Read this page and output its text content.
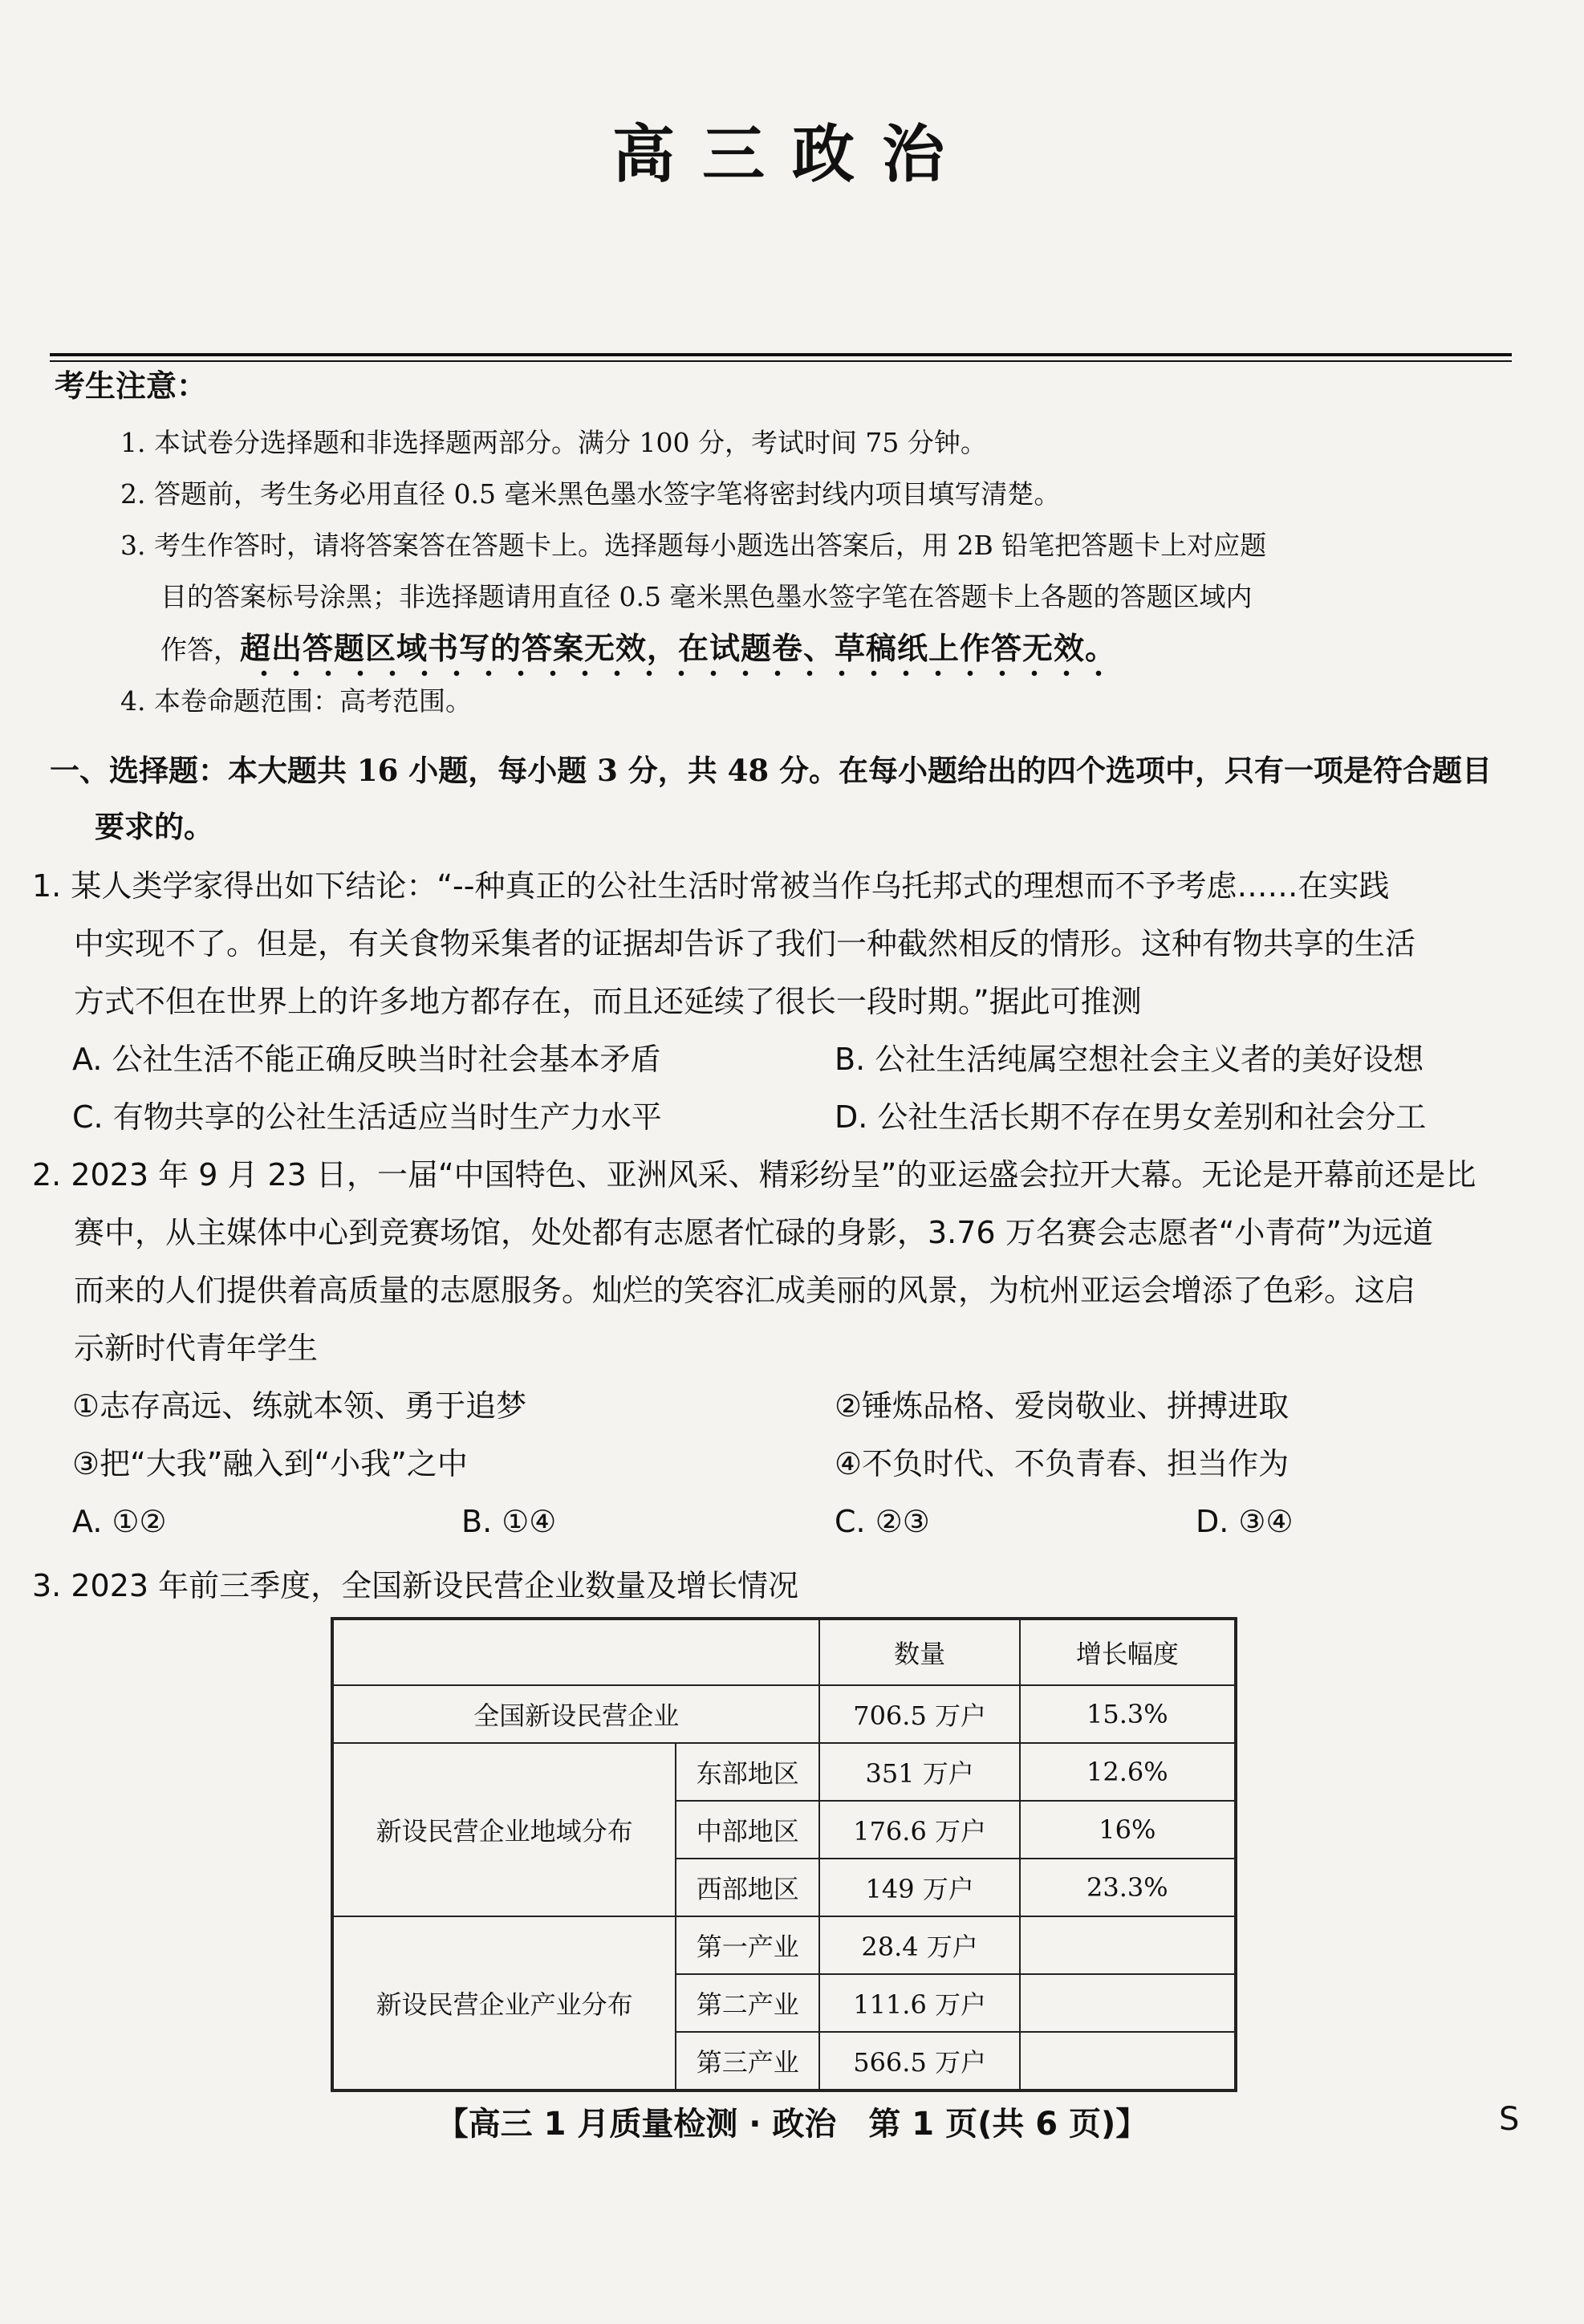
高三政治
考生注意：
1. 本试卷分选择题和非选择题两部分。满分 100 分，考试时间 75 分钟。
2. 答题前，考生务必用直径 0.5 毫米黑色墨水签字笔将密封线内项目填写清楚。
3. 考生作答时，请将答案答在答题卡上。选择题每小题选出答案后，用 2B 铅笔把答题卡上对应题
目的答案标号涂黑；非选择题请用直径 0.5 毫米黑色墨水签字笔在答题卡上各题的答题区域内
作答，超出答题区域书写的答案无效，在试题卷、草稿纸上作答无效。
4. 本卷命题范围：高考范围。
一、选择题：本大题共 16 小题，每小题 3 分，共 48 分。在每小题给出的四个选项中，只有一项是符合题目
要求的。
1. 某人类学家得出如下结论：“--种真正的公社生活时常被当作乌托邦式的理想而不予考虑……在实践
中实现不了。但是，有关食物采集者的证据却告诉了我们一种截然相反的情形。这种有物共享的生活
方式不但在世界上的许多地方都存在，而且还延续了很长一段时期。”据此可推测
A. 公社生活不能正确反映当时社会基本矛盾	B. 公社生活纯属空想社会主义者的美好设想
C. 有物共享的公社生活适应当时生产力水平	D. 公社生活长期不存在男女差别和社会分工
2. 2023 年 9 月 23 日，一届“中国特色、亚洲风采、精彩纷呈”的亚运盛会拉开大幕。无论是开幕前还是比
赛中，从主媒体中心到竞赛场馆，处处都有志愿者忙碌的身影，3.76 万名赛会志愿者“小青荷”为远道
而来的人们提供着高质量的志愿服务。灿烂的笑容汇成美丽的风景，为杭州亚运会增添了色彩。这启
示新时代青年学生
①志存高远、练就本领、勇于追梦	②锤炼品格、爱岗敬业、拼搏进取
③把“大我”融入到“小我”之中	④不负时代、不负青春、担当作为
A. ①②	B. ①④	C. ②③	D. ③④
3. 2023 年前三季度，全国新设民营企业数量及增长情况
		数量	增长幅度
全国新设民营企业		706.5 万户	15.3%
新设民营企业地域分布	东部地区	351 万户	12.6%
	中部地区	176.6 万户	16%
	西部地区	149 万户	23.3%
新设民营企业产业分布	第一产业	28.4 万户	
	第二产业	111.6 万户	
	第三产业	566.5 万户	
【高三 1 月质量检测 · 政治　第 1 页(共 6 页)】	S
